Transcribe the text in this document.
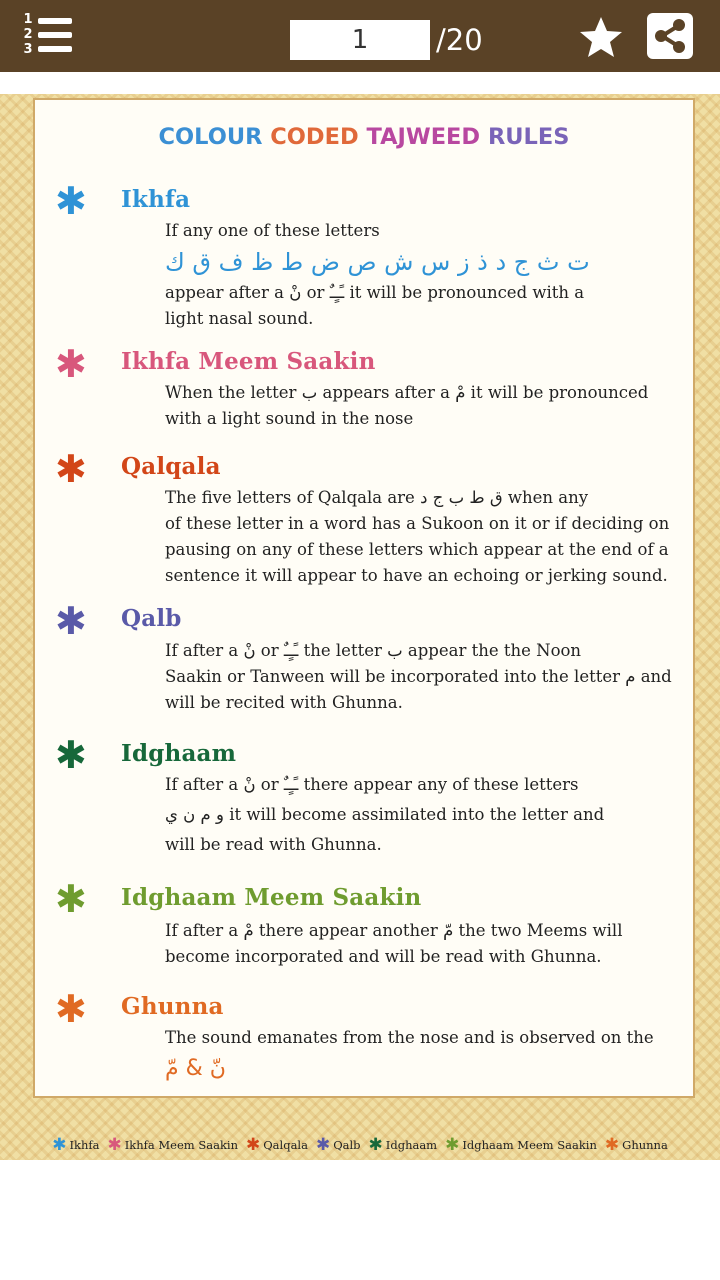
1
2
3
1	/20
COLOUR CODED TAJWEED RULES
✱ Ikhfa
If any one of these letters
ت ث ج د ذ ز س ش ص ض ط ظ ف ق ك
appear after a نْ or ـًـٍـٌ it will be pronounced with a
light nasal sound.
✱ Ikhfa Meem Saakin
When the letter ب appears after a مْ it will be pronounced
with a light sound in the nose
✱ Qalqala
The five letters of Qalqala are ق ط ب ج د when any
of these letter in a word has a Sukoon on it or if deciding on
pausing on any of these letters which appear at the end of a
sentence it will appear to have an echoing or jerking sound.
✱ Qalb
If after a نْ or ـًـٍـٌ the letter ب appear the the Noon
Saakin or Tanween will be incorporated into the letter م and
will be recited with Ghunna.
✱ Idghaam
If after a نْ or ـًـٍـٌ there appear any of these letters
و م ن ي it will become assimilated into the letter and
will be read with Ghunna.
✱ Idghaam Meem Saakin
If after a مْ there appear another مّ the two Meems will
become incorporated and will be read with Ghunna.
✱ Ghunna
The sound emanates from the nose and is observed on the
نّ & مّ
✱ Ikhfa ✱ Ikhfa Meem Saakin ✱ Qalqala ✱ Qalb ✱ Idghaam ✱ Idghaam Meem Saakin ✱ Ghunna
